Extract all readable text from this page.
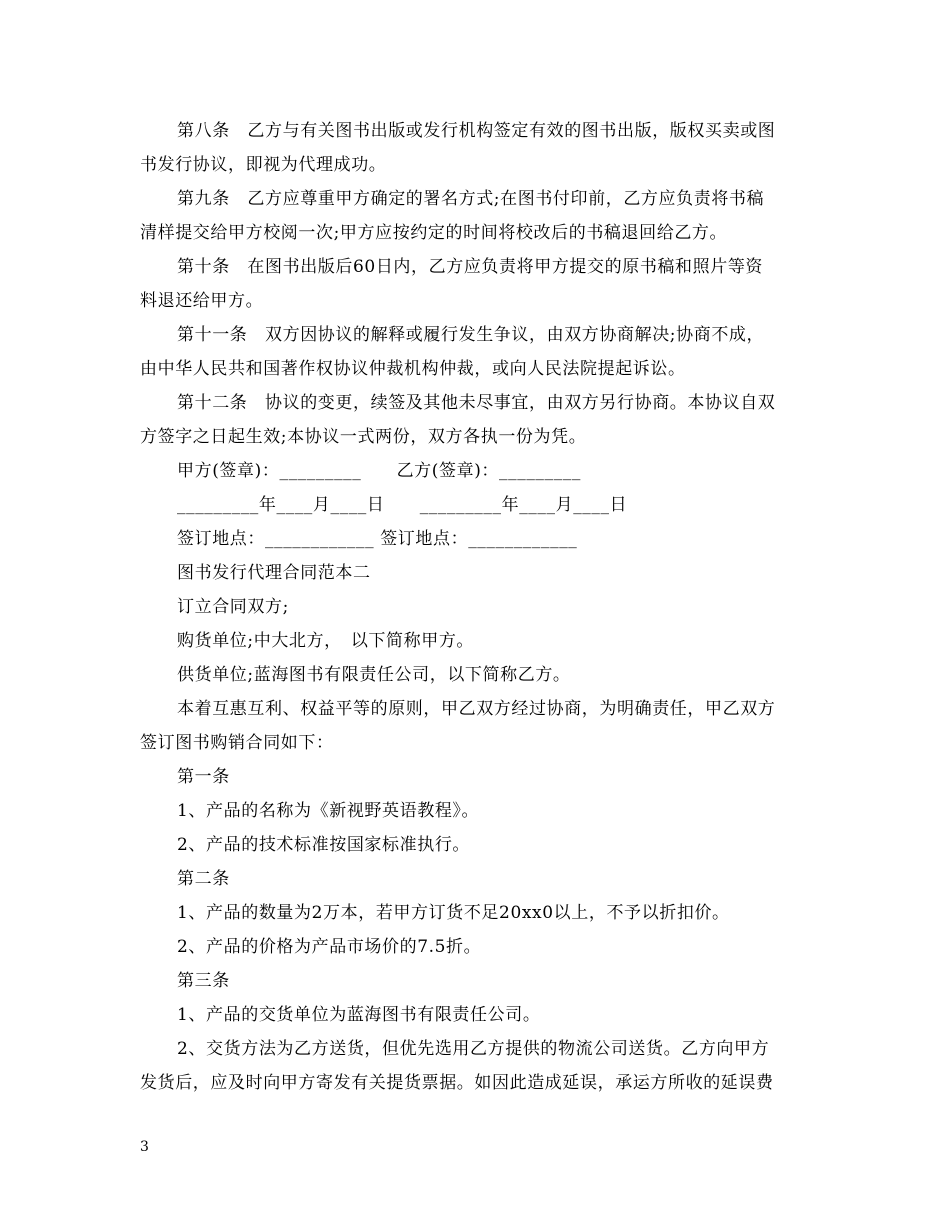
第八条　乙方与有关图书出版或发行机构签定有效的图书出版，版权买卖或图

书发行协议，即视为代理成功。

第九条　乙方应尊重甲方确定的署名方式;在图书付印前，乙方应负责将书稿

清样提交给甲方校阅一次;甲方应按约定的时间将校改后的书稿退回给乙方。

第十条　在图书出版后60日内，乙方应负责将甲方提交的原书稿和照片等资

料退还给甲方。

第十一条　双方因协议的解释或履行发生争议，由双方协商解决;协商不成，

由中华人民共和国著作权协议仲裁机构仲裁，或向人民法院提起诉讼。

第十二条　协议的变更，续签及其他未尽事宜，由双方另行协商。本协议自双

方签字之日起生效;本协议一式两份，双方各执一份为凭。

甲方(签章)：_________　　乙方(签章)：_________

_________年____月____日　　_________年____月____日

签订地点：____________ 签订地点：____________

图书发行代理合同范本二

订立合同双方;

购货单位;中大北方，　以下简称甲方。

供货单位;蓝海图书有限责任公司，以下简称乙方。

本着互惠互利、权益平等的原则，甲乙双方经过协商，为明确责任，甲乙双方

签订图书购销合同如下：

第一条

1、产品的名称为《新视野英语教程》。

2、产品的技术标准按国家标准执行。

第二条

1、产品的数量为2万本，若甲方订货不足20xx0以上，不予以折扣价。

2、产品的价格为产品市场价的7.5折。

第三条

1、产品的交货单位为蓝海图书有限责任公司。

2、交货方法为乙方送货，但优先选用乙方提供的物流公司送货。乙方向甲方

发货后，应及时向甲方寄发有关提货票据。如因此造成延误，承运方所收的延误费

3
